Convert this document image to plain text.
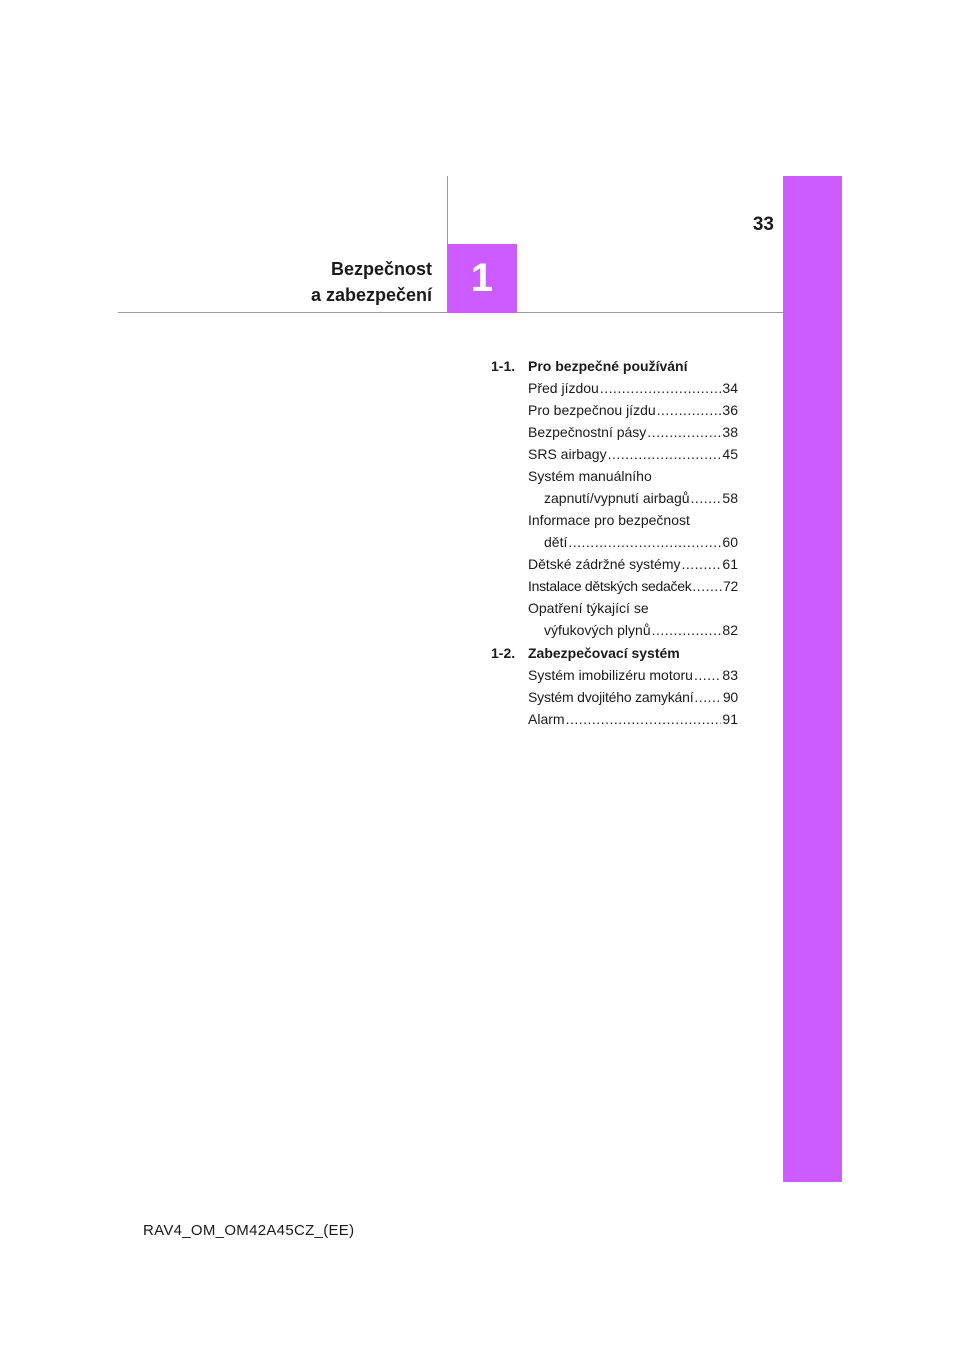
33
Bezpečnost
a zabezpečení 1
1-1. Pro bezpečné používání
Před jízdou .....	34
Pro bezpečnou jízdu .....	36
Bezpečnostní pásy .....	38
SRS airbagy .....	45
Systém manuálního
zapnutí/vypnutí airbagů ..... 58
Informace pro bezpečnost
dětí .....	60
Dětské zádržné systémy .....	61
Instalace dětských sedaček ..... 72
Opatření týkající se
výfukových plynů .....	82
1-2. Zabezpečovací systém
Systém imobilizéru motoru ..... 83
Systém dvojitého zamykání ..... 90
Alarm .....	91
RAV4_OM_OM42A45CZ_(EE)
